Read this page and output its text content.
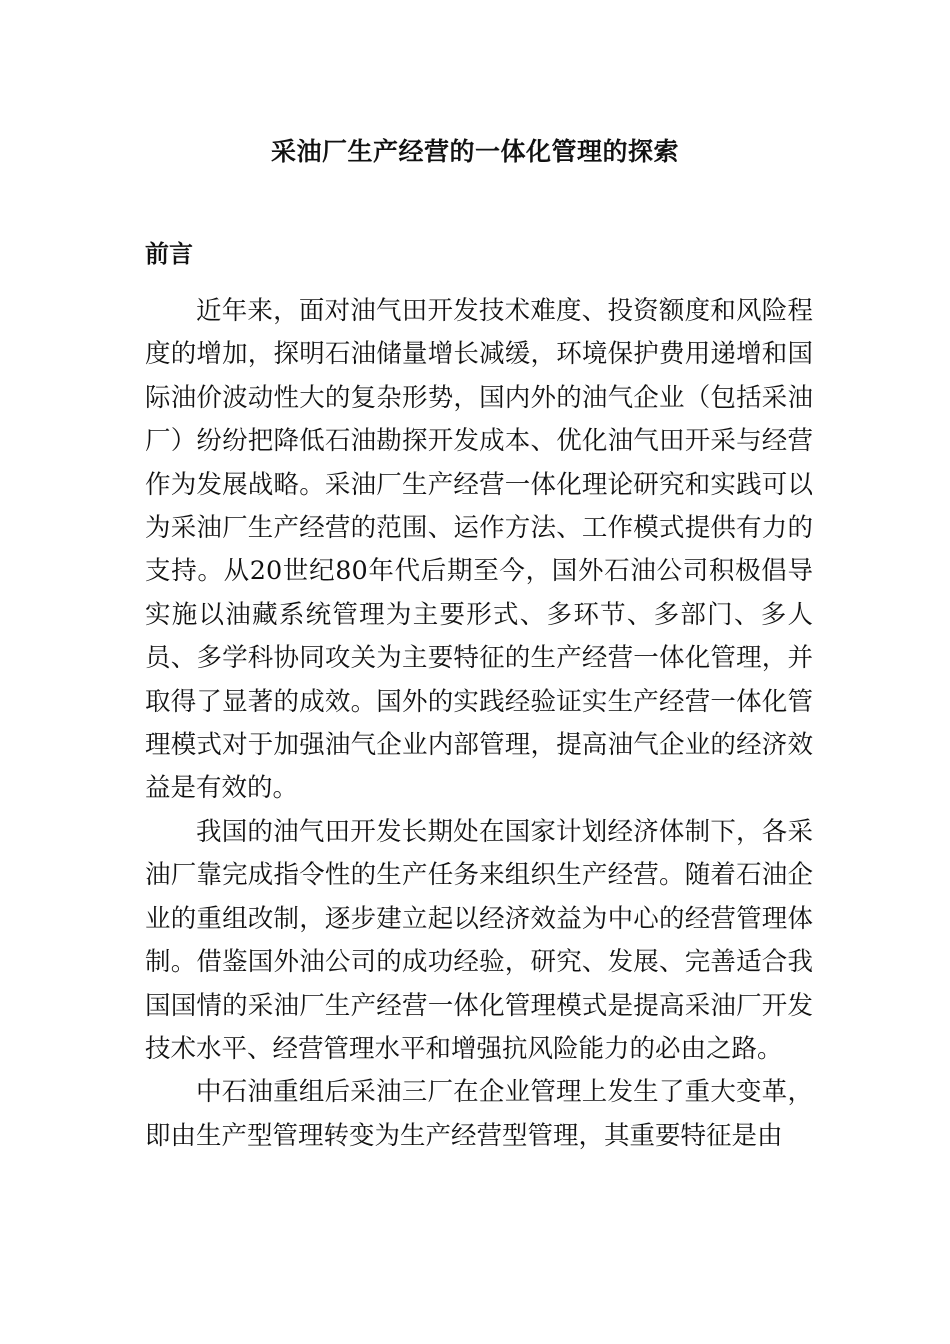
采油厂生产经营的一体化管理的探索
前言

近年来，面对油气田开发技术难度、投资额度和风险程度的增加，探明石油储量增长减缓，环境保护费用递增和国际油价波动性大的复杂形势，国内外的油气企业（包括采油厂）纷纷把降低石油勘探开发成本、优化油气田开采与经营作为发展战略。采油厂生产经营一体化理论研究和实践可以为采油厂生产经营的范围、运作方法、工作模式提供有力的支持。从20世纪80年代后期至今，国外石油公司积极倡导实施以油藏系统管理为主要形式、多环节、多部门、多人员、多学科协同攻关为主要特征的生产经营一体化管理，并取得了显著的成效。国外的实践经验证实生产经营一体化管理模式对于加强油气企业内部管理，提高油气企业的经济效益是有效的。

我国的油气田开发长期处在国家计划经济体制下，各采油厂靠完成指令性的生产任务来组织生产经营。随着石油企业的重组改制，逐步建立起以经济效益为中心的经营管理体制。借鉴国外油公司的成功经验，研究、发展、完善适合我国国情的采油厂生产经营一体化管理模式是提高采油厂开发技术水平、经营管理水平和增强抗风险能力的必由之路。

中石油重组后采油三厂在企业管理上发生了重大变革，即由生产型管理转变为生产经营型管理，其重要特征是由
